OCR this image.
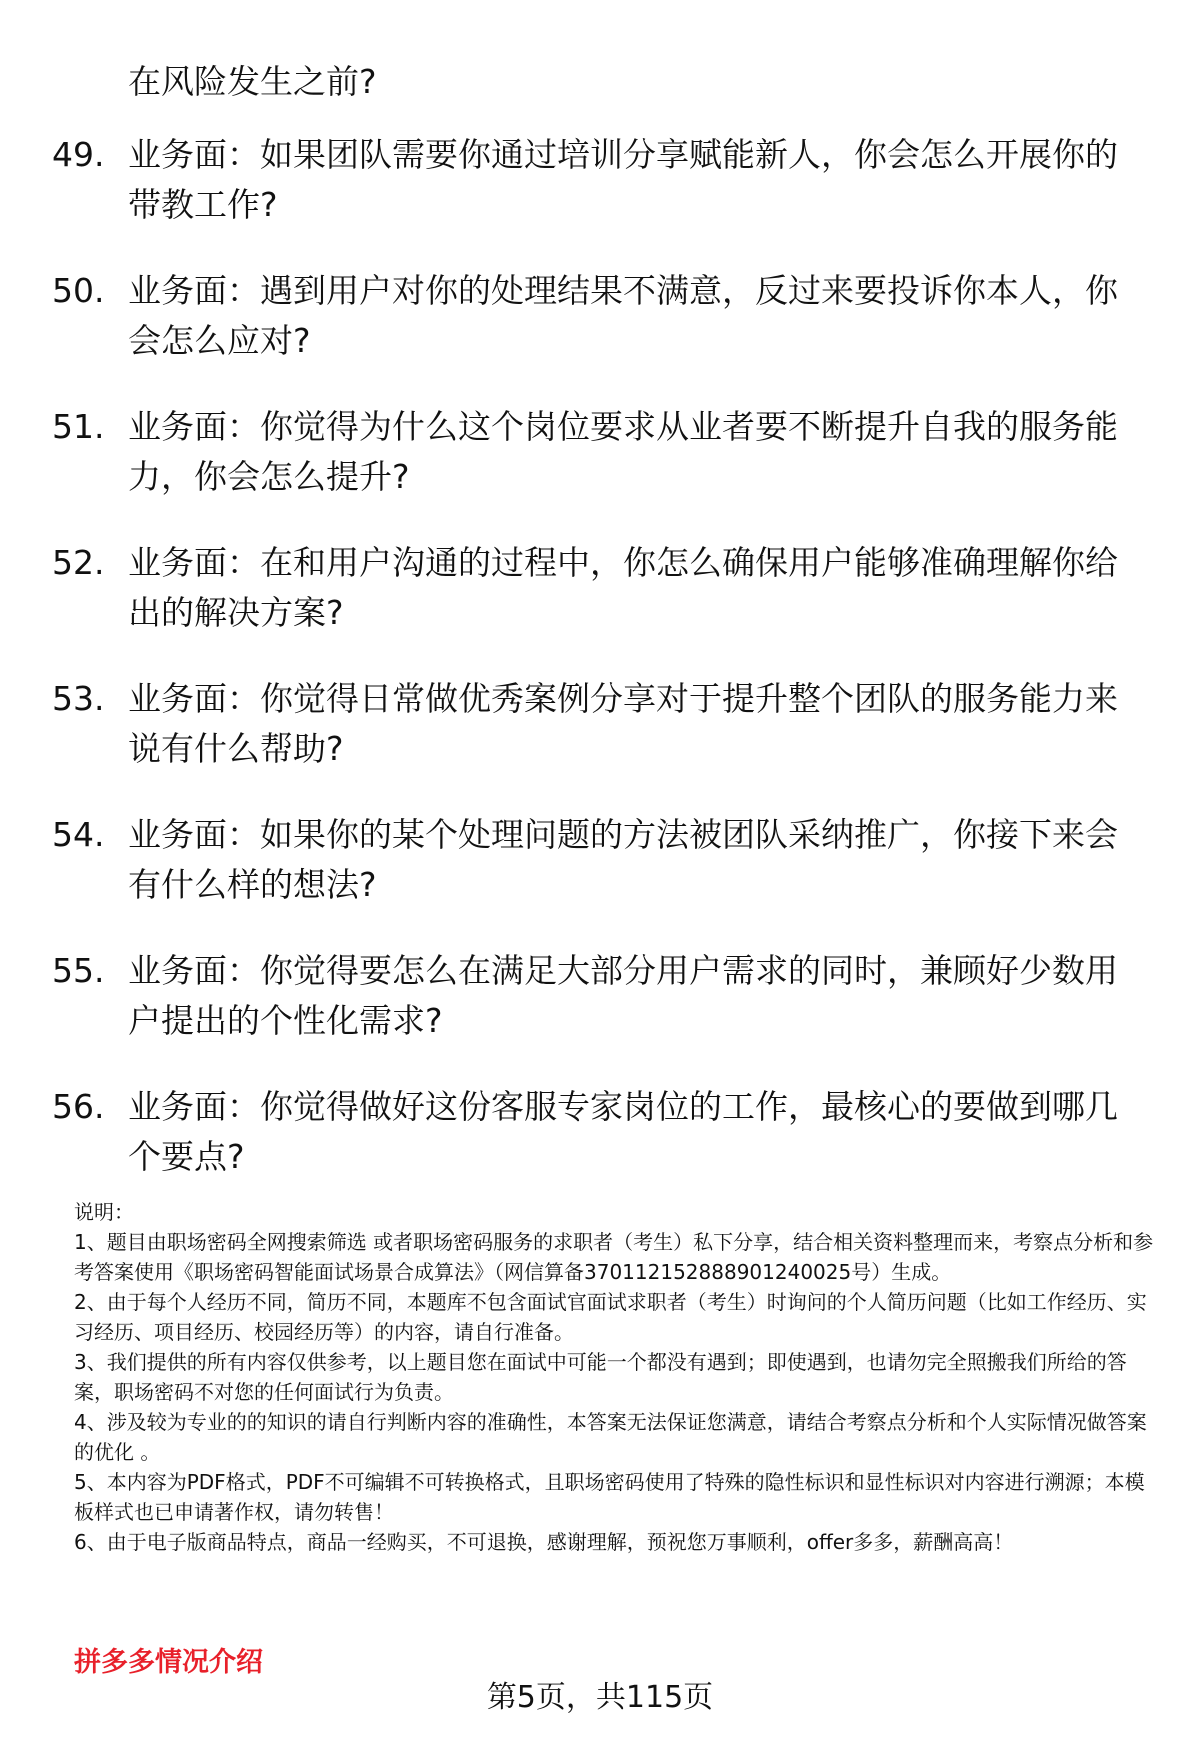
在风险发生之前?
49. 业务面：如果团队需要你通过培训分享赋能新人，你会怎么开展你的带教工作?
50. 业务面：遇到用户对你的处理结果不满意，反过来要投诉你本人，你会怎么应对?
51. 业务面：你觉得为什么这个岗位要求从业者要不断提升自我的服务能力，你会怎么提升?
52. 业务面：在和用户沟通的过程中，你怎么确保用户能够准确理解你给出的解决方案?
53. 业务面：你觉得日常做优秀案例分享对于提升整个团队的服务能力来说有什么帮助?
54. 业务面：如果你的某个处理问题的方法被团队采纳推广，你接下来会有什么样的想法?
55. 业务面：你觉得要怎么在满足大部分用户需求的同时，兼顾好少数用户提出的个性化需求?
56. 业务面：你觉得做好这份客服专家岗位的工作，最核心的要做到哪几个要点?

说明：

1、题目由职场密码全网搜索筛选 或者职场密码服务的求职者（考生）私下分享，结合相关资料整理而来，考察点分析和参考答案使用《职场密码智能面试场景合成算法》（网信算备370112152888901240025号）生成。

2、由于每个人经历不同，简历不同，本题库不包含面试官面试求职者（考生）时询问的个人简历问题（比如工作经历、实习经历、项目经历、校园经历等）的内容，请自行准备。

3、我们提供的所有内容仅供参考，以上题目您在面试中可能一个都没有遇到；即使遇到，也请勿完全照搬我们所给的答案，职场密码不对您的任何面试行为负责。

4、涉及较为专业的的知识的请自行判断内容的准确性，本答案无法保证您满意，请结合考察点分析和个人实际情况做答案的优化 。

5、本内容为PDF格式，PDF不可编辑不可转换格式，且职场密码使用了特殊的隐性标识和显性标识对内容进行溯源；本模板样式也已申请著作权，请勿转售！

6、由于电子版商品特点，商品一经购买，不可退换，感谢理解，预祝您万事顺利，offer多多，薪酬高高！

拼多多情况介绍
第5页，共115页
